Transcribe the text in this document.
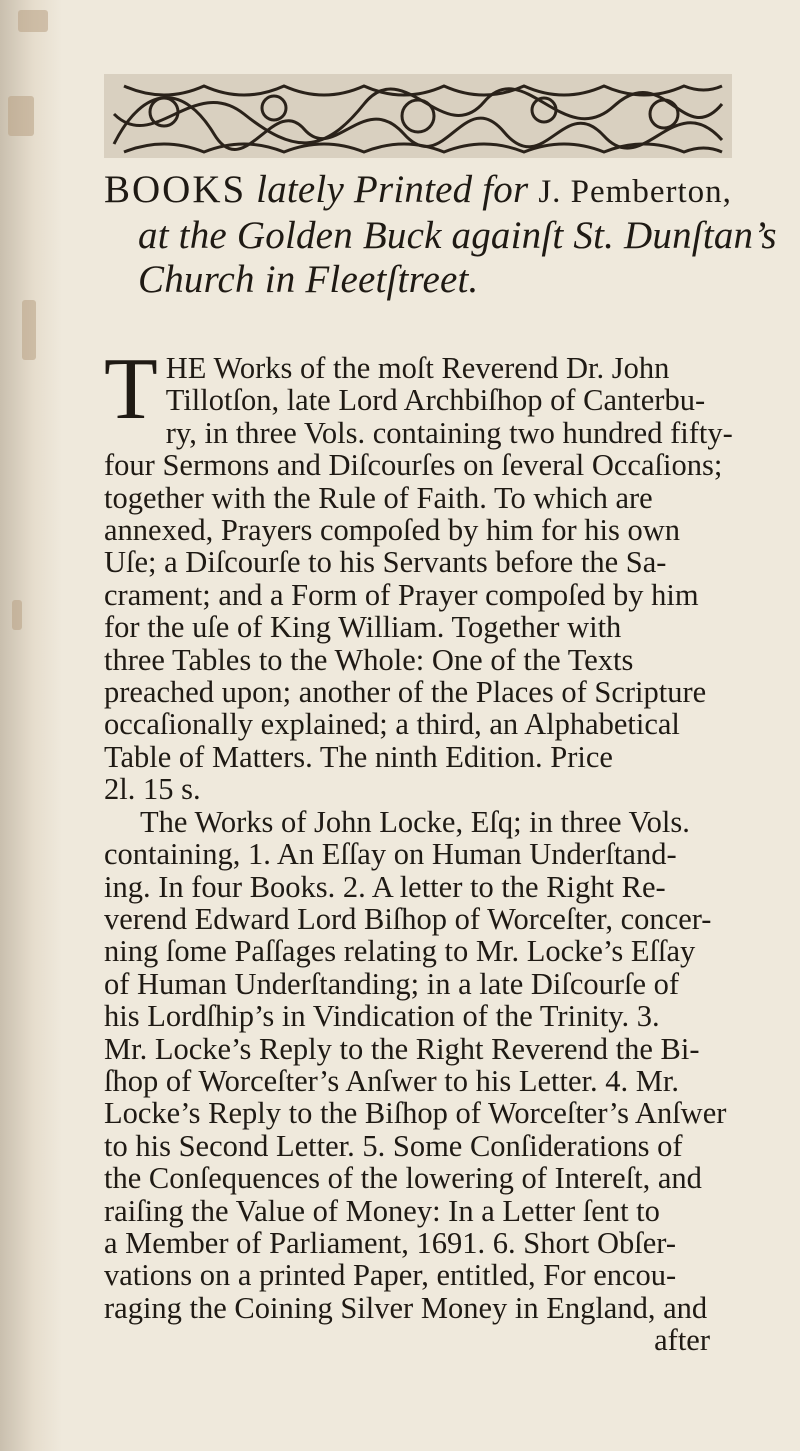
BOOKS lately Printed for J. Pemberton,
at the Golden Buck againſt St. Dunſtan’s
Church in Fleetſtreet.
T HE Works of the moſt Reverend Dr. John
Tillotſon, late Lord Archbiſhop of Canterbu-
ry, in three Vols. containing two hundred fifty-
four Sermons and Diſcourſes on ſeveral Occaſions;
together with the Rule of Faith. To which are
annexed, Prayers compoſed by him for his own
Uſe; a Diſcourſe to his Servants before the Sa-
crament; and a Form of Prayer compoſed by him
for the uſe of King William. Together with
three Tables to the Whole: One of the Texts
preached upon; another of the Places of Scripture
occaſionally explained; a third, an Alphabetical
Table of Matters. The ninth Edition. Price
2l. 15 s.
The Works of John Locke, Eſq; in three Vols.
containing, 1. An Eſſay on Human Underſtand-
ing. In four Books. 2. A letter to the Right Re-
verend Edward Lord Biſhop of Worceſter, concer-
ning ſome Paſſages relating to Mr. Locke’s Eſſay
of Human Underſtanding; in a late Diſcourſe of
his Lordſhip’s in Vindication of the Trinity. 3.
Mr. Locke’s Reply to the Right Reverend the Bi-
ſhop of Worceſter’s Anſwer to his Letter. 4. Mr.
Locke’s Reply to the Biſhop of Worceſter’s Anſwer
to his Second Letter. 5. Some Conſiderations of
the Conſequences of the lowering of Intereſt, and
raiſing the Value of Money: In a Letter ſent to
a Member of Parliament, 1691. 6. Short Obſer-
vations on a printed Paper, entitled, For encou-
raging the Coining Silver Money in England, and
after
